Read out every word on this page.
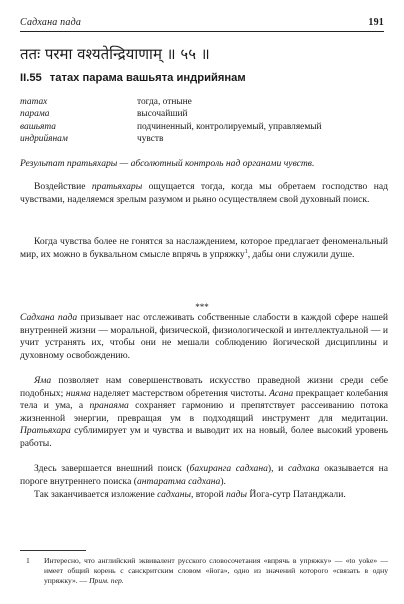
Садхана пада	191
ततः परमा वश्यतेन्द्रियाणाम् ॥ ५५ ॥
II.55 татах парама вашьята индрийянам
татах	тогда, отныне
парама	высочайший
вашьята	подчиненный, контролируемый, управляемый
индрийянам	чувств
Результат пратьяхары — абсолютный контроль над органами чувств.
Воздействие пратьяхары ощущается тогда, когда мы обретаем господство над чувствами, наделяемся зрелым разумом и рьяно осуществляем свой духовный поиск.
Когда чувства более не гонятся за наслаждением, которое предлагает феноменальный мир, их можно в буквальном смысле впрячь в упряжку$^1$, дабы они служили душе.
***
Садхана пада призывает нас отслеживать собственные слабости в каждой сфере нашей внутренней жизни — моральной, физической, физиологической и интеллектуальной — и учит устранять их, чтобы они не мешали соблюдению йогической дисциплины и духовному освобождению.
Яма позволяет нам совершенствовать искусство праведной жизни среди себе подобных; нияма наделяет мастерством обретения чистоты. Асана прекращает колебания тела и ума, а пранаяма сохраняет гармонию и препятствует рассеиванию потока жизненной энергии, превращая ум в подходящий инструмент для медитации. Пратьяхара сублимирует ум и чувства и выводит их на новый, более высокий уровень работы.
Здесь завершается внешний поиск (бахиранга садхана), и садхака оказывается на пороге внутреннего поиска (антаратма садхана).
Так заканчивается изложение садханы, второй пады Йога-сутр Патанджали.
1 Интересно, что английский эквивалент русского словосочетания «впрячь в упряжку» — «to yoke» — имеет общий корень с санскритским словом «йога», одно из значений которого «связать в одну упряжку». — Прим. пер.
